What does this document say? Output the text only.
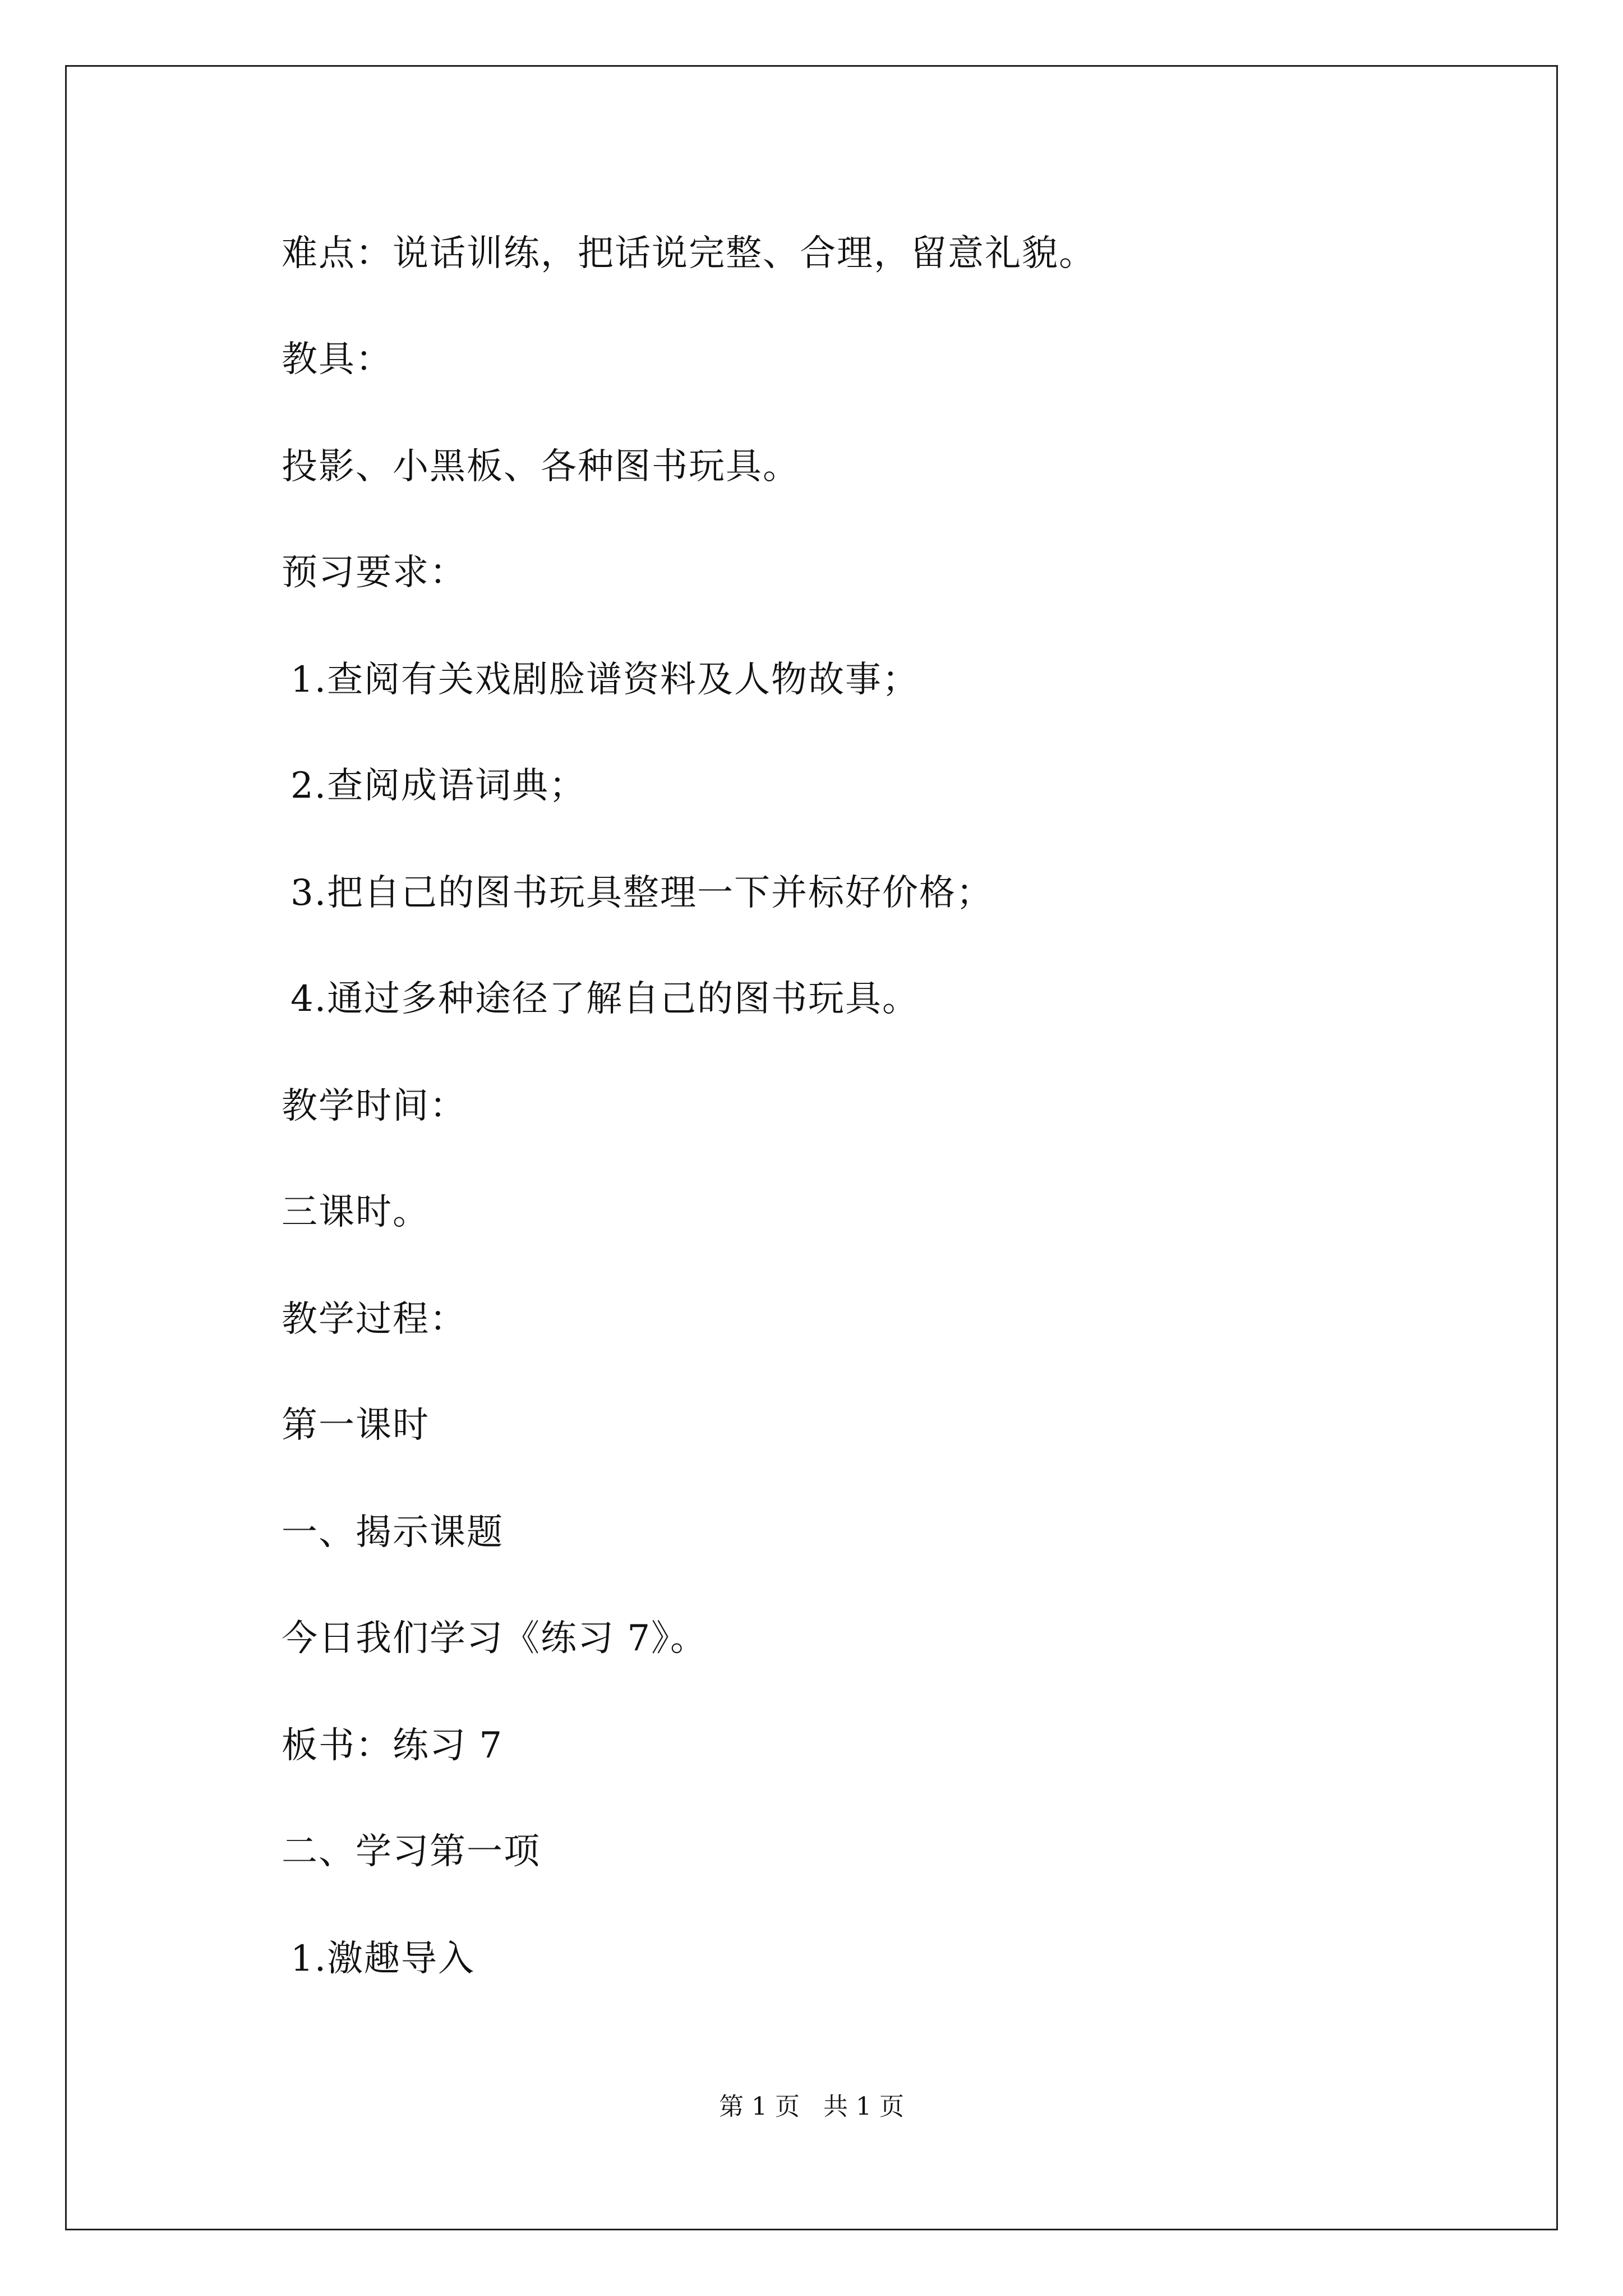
难点：说话训练，把话说完整、合理，留意礼貌。
教具：
投影、小黑板、各种图书玩具。
预习要求：
1.查阅有关戏剧脸谱资料及人物故事；
2.查阅成语词典；
3.把自己的图书玩具整理一下并标好价格；
4.通过多种途径了解自己的图书玩具。
教学时间：
三课时。
教学过程：
第一课时
一、揭示课题
今日我们学习《练习 7》。
板书：练习 7
二、学习第一项
1.激趣导入
第 1 页   共 1 页
